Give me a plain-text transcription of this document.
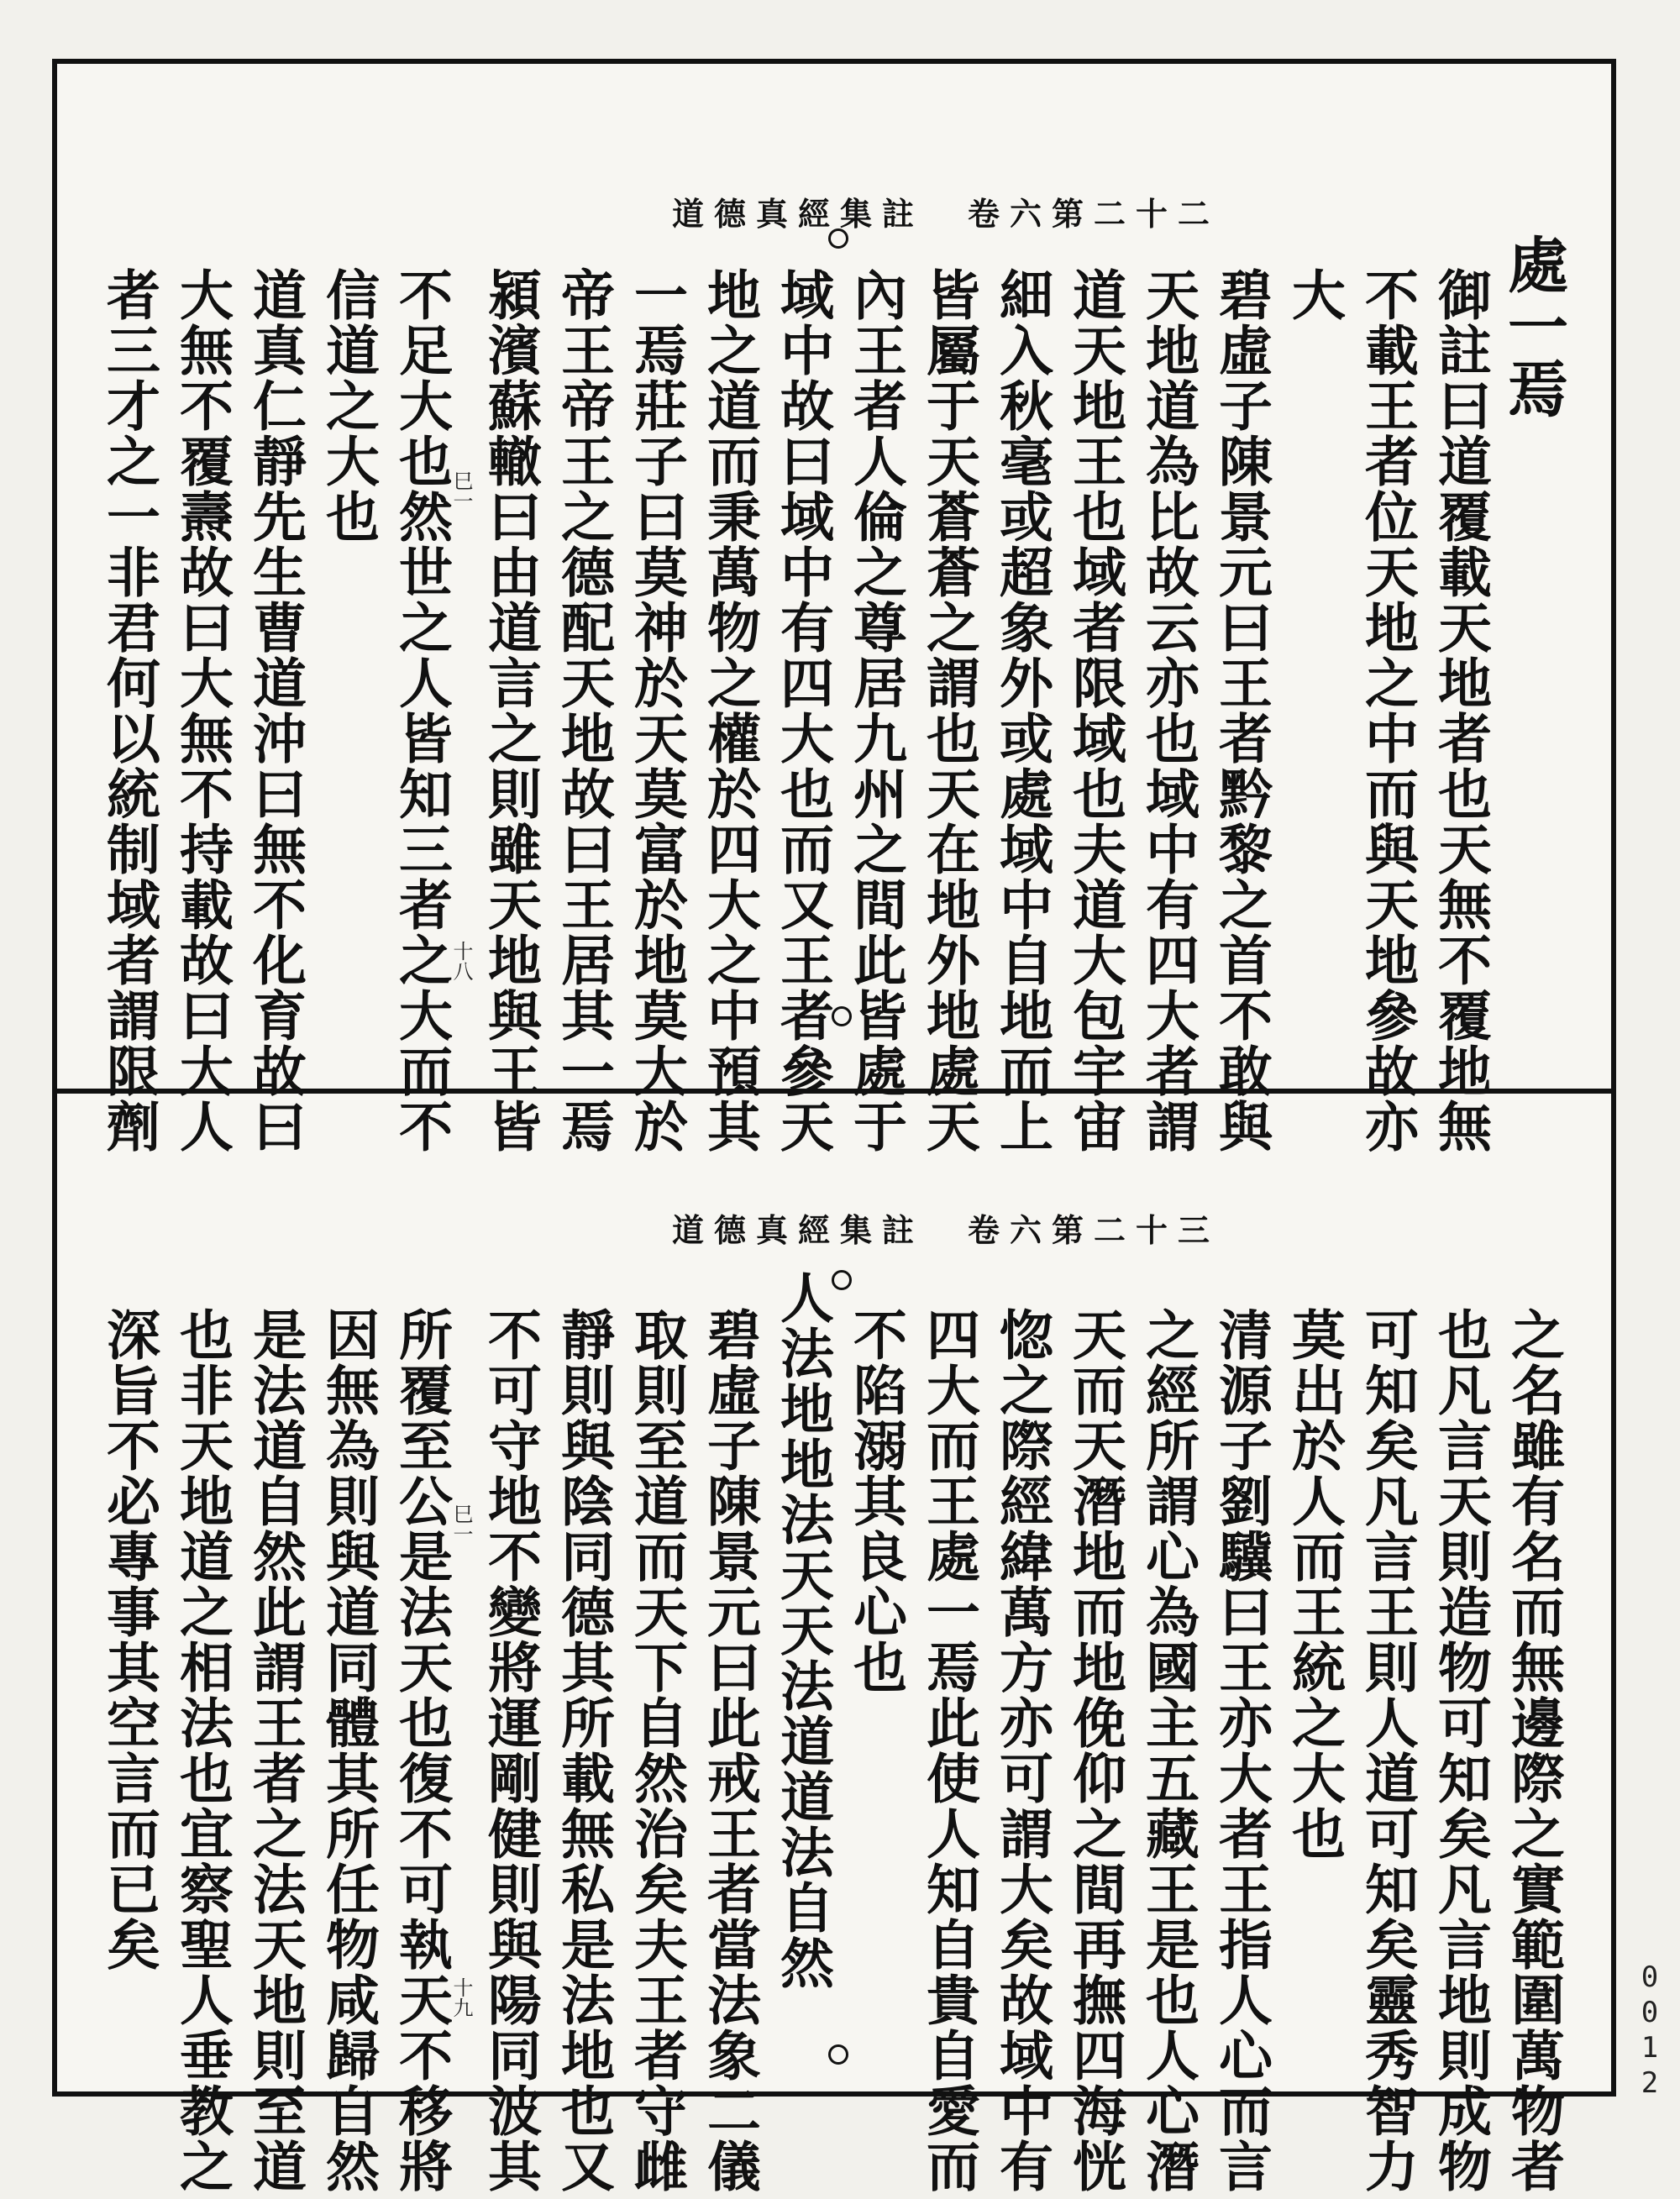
道德真經集註 卷六第二十二
處一焉
御註曰道覆載天地者也天無不覆地無
不載王者位天地之中而與天地參故亦
大
碧虛子陳景元曰王者黔黎之首不敢與
天地道為比故云亦也域中有四大者謂
道天地王也域者限域也夫道大包宇宙
細入秋毫或超象外或處域中自地而上
皆屬于天蒼蒼之謂也天在地外地處天
內王者人倫之尊居九州之間此皆處于
域中故曰域中有四大也而又王者參天
地之道而秉萬物之權於四大之中預其
一焉莊子曰莫神於天莫富於地莫大於
帝王帝王之德配天地故曰王居其一焉
潁濱蘇轍曰由道言之則雖天地與王皆
不足大也然世之人皆知三者之大而不
信道之大也
道真仁靜先生曹道沖曰無不化育故曰
大無不覆燾故曰大無不持載故曰大人
者三才之一非君何以統制域者謂限劑	巳一
十八
道德真經集註 卷六第二十三
之名雖有名而無邊際之實範圍萬物者
也凡言天則造物可知矣凡言地則成物
可知矣凡言王則人道可知矣靈秀智力
莫出於人而王統之大也
清源子劉驥曰王亦大者王指人心而言
之經所謂心為國主五藏王是也人心潛
天而天潛地而地俛仰之間再撫四海恍
惚之際經緯萬方亦可謂大矣故域中有
四大而王處一焉此使人知自貴自愛而
不陷溺其良心也
人法地地法天天法道道法自然
碧虛子陳景元曰此戒王者當法象二儀
取則至道而天下自然治矣夫王者守雌
靜則與陰同德其所載無私是法地也又
不可守地不變將運剛健則與陽同波其
所覆至公是法天也復不可執天不移將
因無為則與道同體其所任物咸歸自然
是法道自然此謂王者之法天地則至道
也非天地道之相法也宜察聖人垂教之
深旨不必專事其空言而已矣	巳一
十九	0012
